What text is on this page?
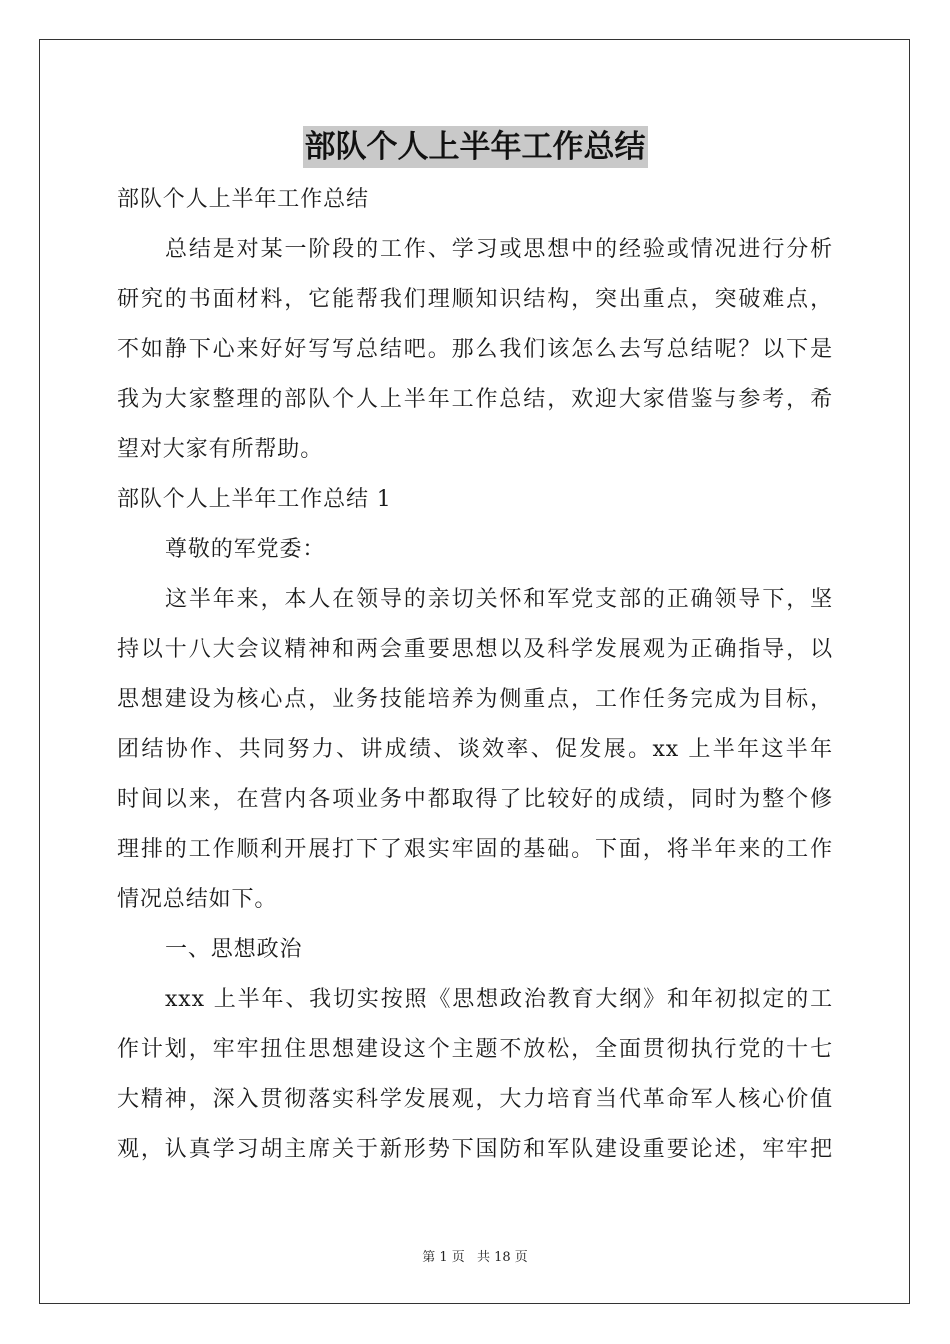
部队个人上半年工作总结
部队个人上半年工作总结
总结是对某一阶段的工作、学习或思想中的经验或情况进行分析
研究的书面材料，它能帮我们理顺知识结构，突出重点，突破难点，
不如静下心来好好写写总结吧。那么我们该怎么去写总结呢？以下是
我为大家整理的部队个人上半年工作总结，欢迎大家借鉴与参考，希
望对大家有所帮助。
部队个人上半年工作总结 1
尊敬的军党委：
这半年来，本人在领导的亲切关怀和军党支部的正确领导下，坚
持以十八大会议精神和两会重要思想以及科学发展观为正确指导，以
思想建设为核心点，业务技能培养为侧重点，工作任务完成为目标，
团结协作、共同努力、讲成绩、谈效率、促发展。xx 上半年这半年
时间以来，在营内各项业务中都取得了比较好的成绩，同时为整个修
理排的工作顺利开展打下了艰实牢固的基础。下面，将半年来的工作
情况总结如下。
一、思想政治
xxx 上半年、我切实按照《思想政治教育大纲》和年初拟定的工
作计划，牢牢扭住思想建设这个主题不放松，全面贯彻执行党的十七
大精神，深入贯彻落实科学发展观，大力培育当代革命军人核心价值
观，认真学习胡主席关于新形势下国防和军队建设重要论述，牢牢把
第 1 页 共 18 页
